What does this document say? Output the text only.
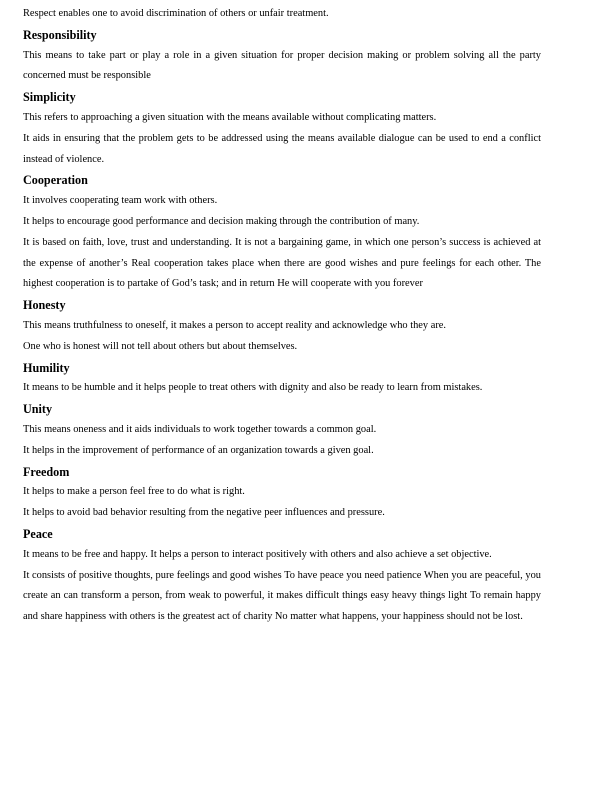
Respect enables one to avoid discrimination of others or unfair treatment.

Responsibility

This means to take part or play a role in a given situation for proper decision making or problem solving all the party concerned must be responsible

Simplicity

This refers to approaching a given situation with the means available without complicating matters.

It aids in ensuring that the problem gets to be addressed using the means available dialogue can be used to end a conflict instead of violence.

Cooperation

It involves cooperating team work with others.

It helps to encourage good performance and decision making through the contribution of many.

It is based on faith, love, trust and understanding. It is not a bargaining game, in which one person’s success is achieved at the expense of another’s Real cooperation takes place when there are good wishes and pure feelings for each other. The highest cooperation is to partake of God’s task; and in return He will cooperate with you forever

Honesty

This means truthfulness to oneself, it makes a person to accept reality and acknowledge who they are.

One who is honest will not tell about others but about themselves.

Humility

It means to be humble and it helps people to treat others with dignity and also be ready to learn from mistakes.

Unity

This means oneness and it aids individuals to work together towards a common goal.

It helps in the improvement of performance of an organization towards a given goal.

Freedom

It helps to make a person feel free to do what is right.

It helps to avoid bad behavior resulting from the negative peer influences and pressure.

Peace

It means to be free and happy. It helps a person to interact positively with others and also achieve a set objective.

It consists of positive thoughts, pure feelings and good wishes To have peace you need patience When you are peaceful, you create an can transform a person, from weak to powerful, it makes difficult things easy heavy things light To remain happy and share happiness with others is the greatest act of charity No matter what happens, your happiness should not be lost.
